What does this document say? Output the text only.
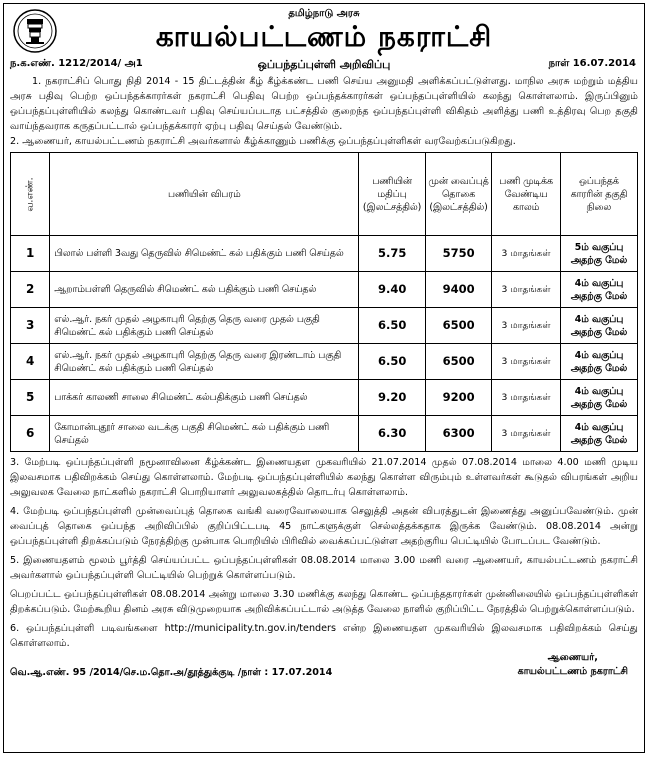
தமிழ்நாடு அரசு
காயல்பட்டணம் நகராட்சி
ந.க.எண். 1212/2014/ அ1	ஒப்பந்தப்புள்ளி அறிவிப்பு	நாள் 16.07.2014

1. நகராட்சிப் பொது நிதி 2014 - 15 திட்டத்தின் கீழ் கீழ்க்கண்ட பணி செய்ய அனுமதி அளிக்கப்பட்டுள்ளது. மாநில அரசு மற்றும் மத்திய அரசு பதிவு பெற்ற ஒப்பந்தக்காரர்கள் நகராட்சி பெதிவு பெற்ற ஒப்பந்தக்காரர்கள் ஒப்பந்தப்புள்ளியில் கலந்து கொள்ளலாம். இருப்பினும் ஒப்பந்தப்புள்ளியில் கலந்து கொண்டவர் பதிவு செய்யப்படாத பட்சத்தில் குறைந்த ஒப்பந்தப்புள்ளி விகிதம் அளித்து பணி உத்திரவு பெற தகுதி வாய்ந்தவராக கருதப்பட்டால் ஒப்பந்தக்காரர் ஏற்பு பதிவு செய்தல் வேண்டும்.

2. ஆணையர், காயல்பட்டணம் நகராட்சி அவர்களால் கீழ்க்காணும் பணிக்கு ஒப்பந்தப்புள்ளிகள் வரவேற்கப்படுகிறது.

வ.எண்.	பணியின் விபரம்	பணியின் மதிப்பு (இலட்சத்தில்)	முன் வைப்புத் தொகை (இலட்சத்தில்)	பணி முடிக்க வேண்டிய காலம்	ஒப்பந்தக் காரரின் தகுதி நிலை
1	பிலால் பள்ளி 3வது தெருவில் சிமெண்ட் கல் பதிக்கும் பணி செய்தல்	5.75	5750	3 மாதங்கள்	5ம் வகுப்பு அதற்கு மேல்
2	ஆறாம்பள்ளி தெருவில் சிமெண்ட் கல் பதிக்கும் பணி செய்தல்	9.40	9400	3 மாதங்கள்	4ம் வகுப்பு அதற்கு மேல்
3	எல்.ஆர். நகர் முதல் அழகாபுரி தெற்கு தெரு வரை முதல் பகுதி சிமெண்ட் கல் பதிக்கும் பணி செய்தல்	6.50	6500	3 மாதங்கள்	4ம் வகுப்பு அதற்கு மேல்
4	எல்.ஆர். நகர் முதல் அழகாபுரி தெற்கு தெரு வரை இரண்டாம் பகுதி சிமெண்ட் கல் பதிக்கும் பணி செய்தல்	6.50	6500	3 மாதங்கள்	4ம் வகுப்பு அதற்கு மேல்
5	பாக்கர் காலணி சாலை சிமெண்ட் கல்பதிக்கும் பணி செய்தல்	9.20	9200	3 மாதங்கள்	4ம் வகுப்பு அதற்கு மேல்
6	கோமான்புதூர் சாலை வடக்கு பகுதி சிமெண்ட் கல் பதிக்கும் பணி செய்தல்	6.30	6300	3 மாதங்கள்	4ம் வகுப்பு அதற்கு மேல்

3. மேற்படி ஒப்பந்தப்புள்ளி நமூனாவினை கீழ்க்கண்ட இணையதள முகவரியில் 21.07.2014 முதல் 07.08.2014 மாலை 4.00 மணி முடிய இலவசமாக பதிவிறக்கம் செய்து கொள்ளலாம். மேற்படி ஒப்பந்தப்புள்ளியில் கலந்து கொள்ள விரும்பும் உள்ளவர்கள் கூடுதல் விபரங்கள் அறிய அலுவலக வேலை நாட்களில் நகராட்சி பொறியாளர் அலுவலகத்தில் தொடர்பு கொள்ளலாம்.

4. மேற்படி ஒப்பந்தப்புள்ளி முன்வைப்புத் தொகை வங்கி வரைவோலையாக செலுத்தி அதன் விபரத்துடன் இணைத்து அனுப்பவேண்டும். முன் வைப்புத் தொகை ஒப்பந்த அறிவிப்பில் குறிப்பிட்டபடி 45 நாட்களுக்குள் செல்லத்தக்கதாக இருக்க வேண்டும். 08.08.2014 அன்று ஒப்பந்தப்புள்ளி திறக்கப்படும் நேரத்திற்கு முன்பாக பொறியில் பிரிவில் வைக்கப்பட்டுள்ள அதற்குரிய பெட்டியில் போடப்பட வேண்டும்.

5. இணையதளம் மூலம் பூர்த்தி செய்யப்பட்ட ஒப்பந்தப்புள்ளிகள் 08.08.2014 மாலை 3.00 மணி வரை ஆணையர், காயல்பட்டணம் நகராட்சி அவர்களால் ஒப்பந்தப்புள்ளி பெட்டியில் பெற்றுக் கொள்ளப்படும்.

பெறப்பட்ட ஒப்பந்தப்புள்ளிகள் 08.08.2014 அன்று மாலை 3.30 மணிக்கு கலந்து கொண்ட ஒப்பந்ததாரர்கள் முன்னிலையில் ஒப்பந்தப்புள்ளிகள் திறக்கப்படும். மேற்கூறிய தினம் அரசு விடுமுறையாக அறிவிக்கப்பட்டால் அடுத்த வேலை நாளில் குறிப்பிட்ட நேரத்தில் பெற்றுக்கொள்ளப்படும்.

6. ஒப்பந்தப்புள்ளி படிவங்களை http://municipality.tn.gov.in/tenders என்ற இணையதள முகவரியில் இலவசமாக பதிவிறக்கம் செய்து கொள்ளலாம்.

வெ.ஆ.எண். 95 /2014/செ.ம.தொ.அ/தூத்துக்குடி /நாள் : 17.07.2014
ஆணையர்,
காயல்பட்டணம் நகராட்சி
